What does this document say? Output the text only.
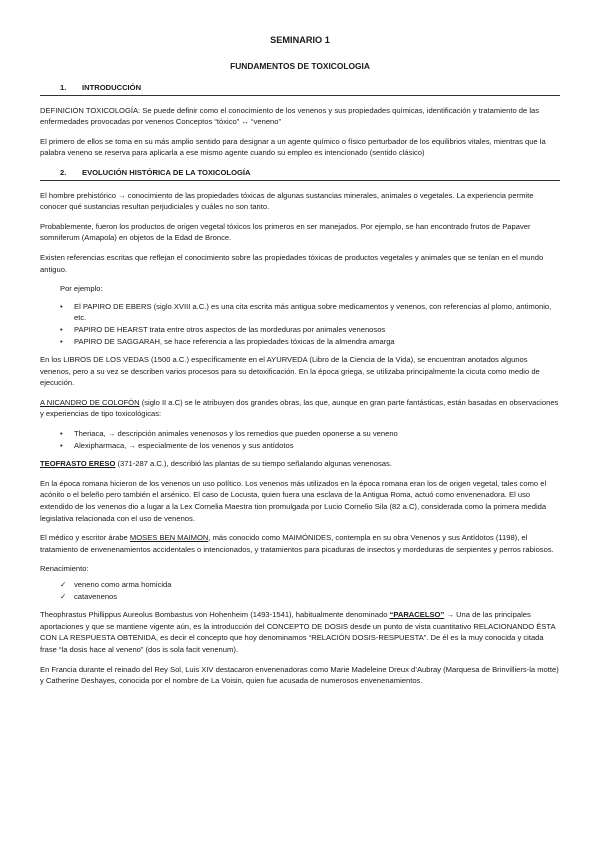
SEMINARIO 1
FUNDAMENTOS DE TOXICOLOGIA
1. INTRODUCCIÓN

DEFINICION TOXICOLOGÍA: Se puede definir como el conocimiento de los venenos y sus propiedades químicas, identificación y tratamiento de las enfermedades provocadas por venenos Conceptos “tóxico” ↔ “veneno”

El primero de ellos se toma en su más amplio sentido para designar a un agente químico o físico perturbador de los equilibrios vitales, mientras que la palabra veneno se reserva para aplicarla a ese mismo agente cuando su empleo es intencionado (sentido clásico)

2. EVOLUCIÓN HISTÓRICA DE LA TOXICOLOGÍA

El hombre prehistórico → conocimiento de las propiedades tóxicas de algunas sustancias minerales, animales o vegetales. La experiencia permite conocer qué sustancias resultan perjudiciales y cuáles no son tanto.

Probablemente, fueron los productos de origen vegetal tóxicos los primeros en ser manejados. Por ejemplo, se han encontrado frutos de Papaver somniferum (Amapola) en objetos de la Edad de Bronce.

Existen referencias escritas que reflejan el conocimiento sobre las propiedades tóxicas de productos vegetales y animales que se tenían en el mundo antiguo.

Por ejemplo:

• El PAPIRO DE EBERS (siglo XVIII a.C.) es una cita escrita más antigua sobre medicamentos y venenos, con referencias al plomo, antimonio, etc.
• PAPIRO DE HEARST trata entre otros aspectos de las mordeduras por animales venenosos
• PAPIRO DE SAGGARAH, se hace referencia a las propiedades tóxicas de la almendra amarga

En los LIBROS DE LOS VEDAS (1500 a.C.) específicamente en el AYURVEDA (Libro de la Ciencia de la Vida), se encuentran anotados algunos venenos, pero a su vez se describen varios procesos para su detoxificación. En la época griega, se utilizaba principalmente la cicuta como medio de ejecución.

A NICANDRO DE COLOFÓN (siglo II a.C) se le atribuyen dos grandes obras, las que, aunque en gran parte fantásticas, están basadas en observaciones y experiencias de tipo toxicológicas:

• Theriaca, → descripción animales venenosos y los remedios que pueden oponerse a su veneno
• Alexipharmaca, → especialmente de los venenos y sus antídotos

TEOFRASTO ERESO (371-287 a.C.), describió las plantas de su tiempo señalando algunas venenosas.

En la época romana hicieron de los venenos un uso político. Los venenos más utilizados en la época romana eran los de origen vegetal, tales como el acónito o el beleño pero también el arsénico. El caso de Locusta, quien fuera una esclava de la Antigua Roma, actuó como envenenadora. El uso extendido de los venenos dio a lugar a la Lex Cornelia Maestra tion promulgada por Lucio Cornelio Sila (82 a.C), considerada como la primera medida legislativa relacionada con el uso de venenos.

El médico y escritor árabe MOSES BEN MAIMON, más conocido como MAIMÓNIDES, contempla en su obra Venenos y sus Antídotos (1198), el tratamiento de envenenamientos accidentales o intencionados, y tratamientos para picaduras de insectos y mordeduras de serpientes y perros rabiosos.

Renacimiento:

✓ veneno como arma homicida
✓ catavenenos

Theophrastus Phillippus Aureolus Bombastus von Hohenheim (1493-1541), habitualmente denominado “PARACELSO” → Una de las principales aportaciones y que se mantiene vigente aún, es la introducción del CONCEPTO DE DOSIS desde un punto de vista cuantitativo RELACIONANDO ÉSTA CON LA RESPUESTA OBTENIDA, es decir el concepto que hoy denominamos “RELACIÓN DOSIS-RESPUESTA”. De él es la muy conocida y citada frase “la dosis hace al veneno” (dos is sola facit venenum).

En Francia durante el reinado del Rey Sol, Luis XIV destacaron envenenadoras como Marie Madeleine Dreux d’Aubray (Marquesa de Brinvilliers-la motte) y Catherine Deshayes, conocida por el nombre de La Voisin, quien fue acusada de numerosos envenenamientos.
